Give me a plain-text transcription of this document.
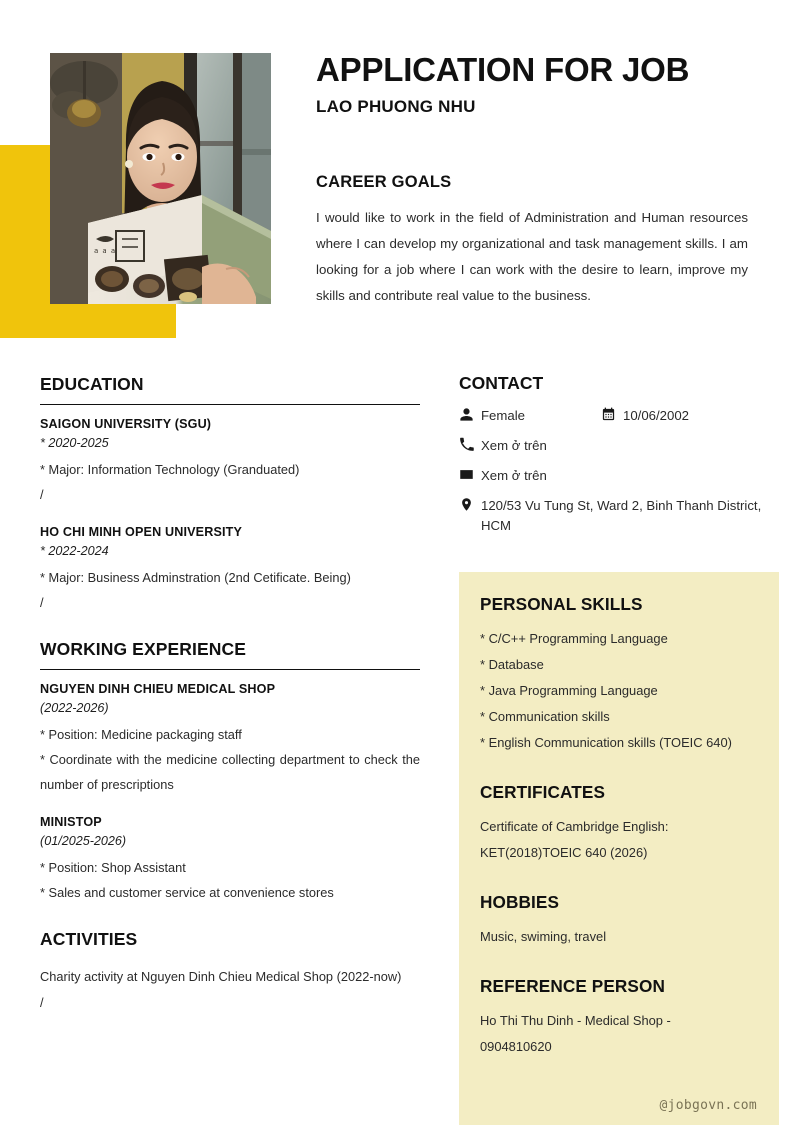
a a a
APPLICATION FOR JOB
LAO PHUONG NHU
CAREER GOALS
I would like to work in the field of Administration and Human resources where I can develop my organizational and task management skills. I am looking for a job where I can work with the desire to learn, improve my skills and contribute real value to the business.
EDUCATION

SAIGON UNIVERSITY (SGU)

* 2020-2025

* Major: Information Technology (Granduated)

/

HO CHI MINH OPEN UNIVERSITY

* 2022-2024

* Major: Business Adminstration (2nd Cetificate. Being)

/

WORKING EXPERIENCE

NGUYEN DINH CHIEU MEDICAL SHOP

(2022-2026)

* Position: Medicine packaging staff

* Coordinate with the medicine collecting department to check the number of prescriptions

MINISTOP

(01/2025-2026)

* Position: Shop Assistant

* Sales and customer service at convenience stores

ACTIVITIES

Charity activity at Nguyen Dinh Chieu Medical Shop (2022-now)

/

CONTACT
Female	10/06/2002
Xem ở trên
Xem ở trên
120/53 Vu Tung St, Ward 2, Binh Thanh District, HCM
PERSONAL SKILLS

* C/C++ Programming Language

* Database

* Java Programming Language

* Communication skills

* English Communication skills (TOEIC 640)

CERTIFICATES

Certificate of Cambridge English:

KET(2018)TOEIC 640 (2026)

HOBBIES

Music, swiming, travel

REFERENCE PERSON

Ho Thi Thu Dinh - Medical Shop -

0904810620

@jobgovn.com
